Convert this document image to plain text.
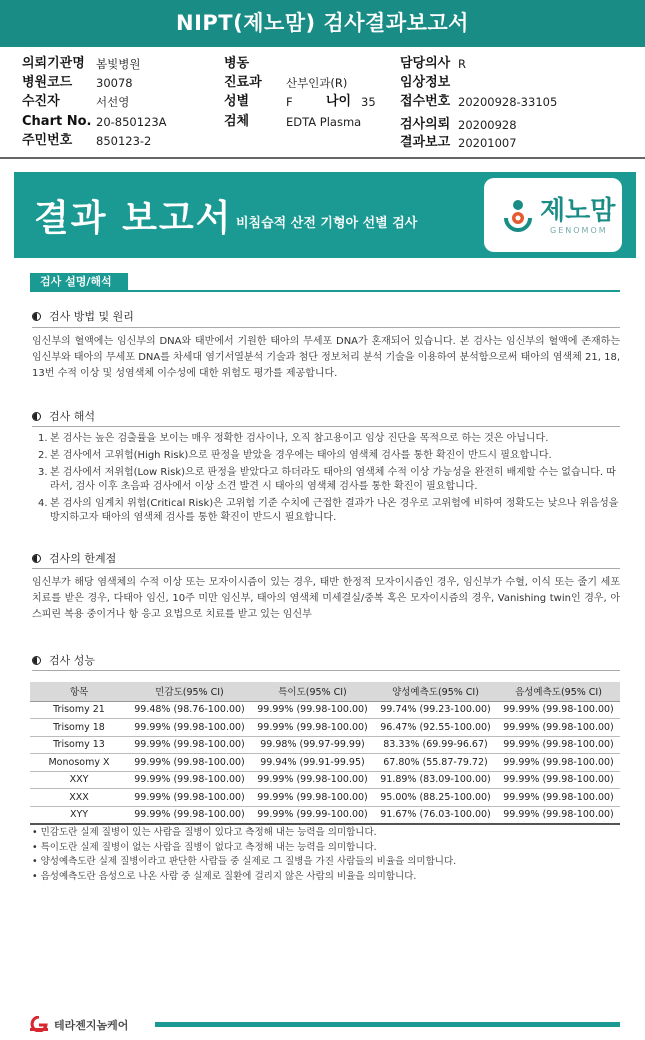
NIPT(제노맘) 검사결과보고서
의뢰기관명 봄빛병원
병원코드 30078
수진자	서선영
Chart No. 20-850123A
주민번호 850123-2
병동
진료과 산부인과(R)
성별	F	나이 35
검체	EDTA Plasma
담당의사 R
임상정보
접수번호 20200928-33105
검사의뢰 20200928
결과보고 20201007
결과 보고서 비침습적 산전 기형아 선별 검사	제노맘
GENOMOM
검사 설명/해석
검사 방법 및 원리
임신부의 혈액에는 임신부의 DNA와 태반에서 기원한 태아의 무세포 DNA가 혼재되어 있습니다. 본 검사는 임신부의 혈액에 존재하는 임신부와 태아의 무세포 DNA를 차세대 염기서열분석 기술과 첨단 정보처리 분석 기술을 이용하여 분석함으로써 태아의 염색체 21, 18, 13번 수적 이상 및 성염색체 이수성에 대한 위험도 평가를 제공합니다.
검사 해석
1. 본 검사는 높은 검출률을 보이는 매우 정확한 검사이나, 오직 참고용이고 임상 진단을 목적으로 하는 것은 아닙니다.
2. 본 검사에서 고위험(High Risk)으로 판정을 받았을 경우에는 태아의 염색체 검사를 통한 확진이 반드시 필요합니다.
3. 본 검사에서 저위험(Low Risk)으로 판정을 받았다고 하더라도 태아의 염색체 수적 이상 가능성을 완전히 배제할 수는 없습니다. 따라서, 검사 이후 초음파 검사에서 이상 소견 발견 시 태아의 염색체 검사를 통한 확진이 필요합니다.
4. 본 검사의 임계치 위험(Critical Risk)은 고위험 기준 수치에 근접한 결과가 나온 경우로 고위험에 비하여 정확도는 낮으나 위음성을 방지하고자 태아의 염색체 검사를 통한 확진이 반드시 필요합니다.
검사의 한계점
임신부가 해당 염색체의 수적 이상 또는 모자이시즘이 있는 경우, 태반 한정적 모자이시즘인 경우, 임신부가 수혈, 이식 또는 줄기 세포 치료를 받은 경우, 다태아 임신, 10주 미만 임신부, 태아의 염색체 미세결실/중복 혹은 모자이시즘의 경우, Vanishing twin인 경우, 아스피린 복용 중이거나 항 응고 요법으로 치료를 받고 있는 임신부
검사 성능
항목	민감도(95% CI)	특이도(95% CI)	양성예측도(95% CI)	음성예측도(95% CI)
Trisomy 21	99.48% (98.76-100.00)	99.99% (99.98-100.00)	99.74% (99.23-100.00)	99.99% (99.98-100.00)
Trisomy 18	99.99% (99.98-100.00)	99.99% (99.98-100.00)	96.47% (92.55-100.00)	99.99% (99.98-100.00)
Trisomy 13	99.99% (99.98-100.00)	99.98% (99.97-99.99)	83.33% (69.99-96.67)	99.99% (99.98-100.00)
Monosomy X	99.99% (99.98-100.00)	99.94% (99.91-99.95)	67.80% (55.87-79.72)	99.99% (99.98-100.00)
XXY	99.99% (99.98-100.00)	99.99% (99.98-100.00)	91.89% (83.09-100.00)	99.99% (99.98-100.00)
XXX	99.99% (99.98-100.00)	99.99% (99.98-100.00)	95.00% (88.25-100.00)	99.99% (99.98-100.00)
XYY	99.99% (99.98-100.00)	99.99% (99.99-100.00)	91.67% (76.03-100.00)	99.99% (99.98-100.00)
• 민감도란 실제 질병이 있는 사람을 질병이 있다고 측정해 내는 능력을 의미합니다.
• 특이도란 실제 질병이 없는 사람을 질병이 없다고 측정해 내는 능력을 의미합니다.
• 양성예측도란 실제 질병이라고 판단한 사람들 중 실제로 그 질병을 가진 사람들의 비율을 의미합니다.
• 음성예측도란 음성으로 나온 사람 중 실제로 질환에 걸리지 않은 사람의 비율을 의미합니다.
테라젠지놈케어
